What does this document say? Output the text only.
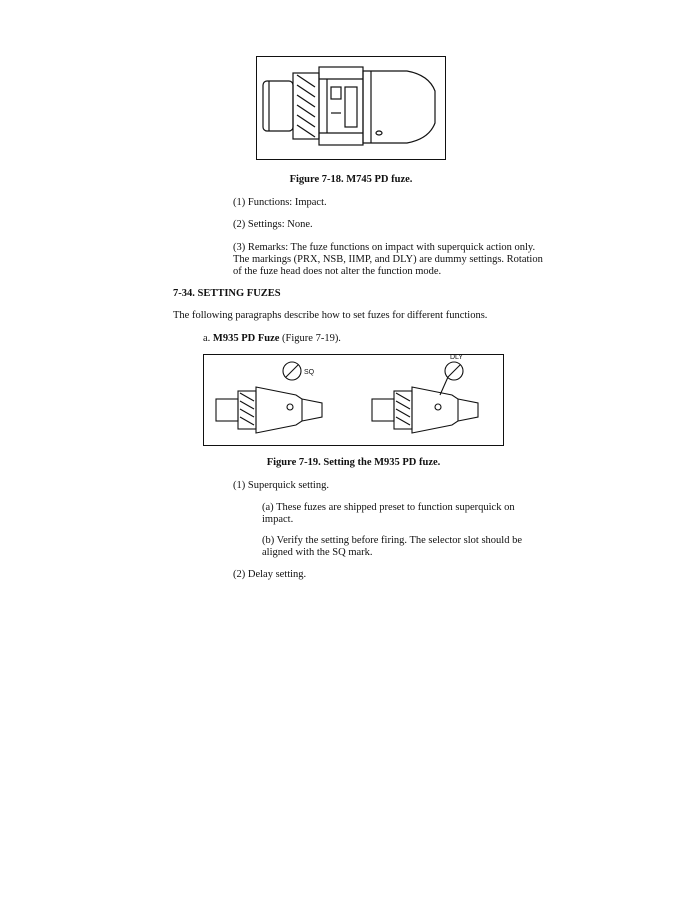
Figure 7-18. M745 PD fuze.
(1) Functions: Impact.
(2) Settings: None.
(3) Remarks: The fuze functions on impact with superquick action only.
The markings (PRX, NSB, IIMP, and DLY) are dummy settings. Rotation
of the fuze head does not alter the function mode.
7-34. SETTING FUZES
The following paragraphs describe how to set fuzes for different functions.
a. M935 PD Fuze (Figure 7-19).
SQ
DLY
Figure 7-19. Setting the M935 PD fuze.
(1) Superquick setting.
(a) These fuzes are shipped preset to function superquick on
impact.
(b) Verify the setting before firing. The selector slot should be
aligned with the SQ mark.
(2) Delay setting.
